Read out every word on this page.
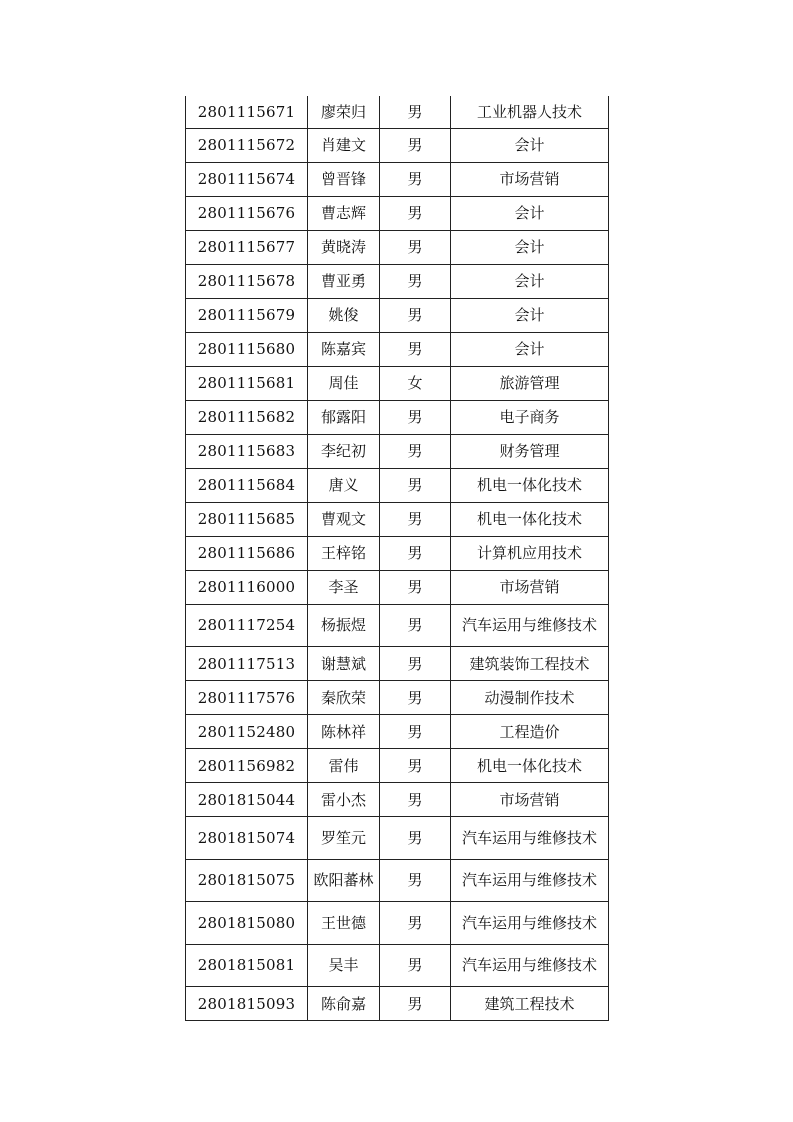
2801115671	廖荣归	男	工业机器人技术
2801115672	肖建文	男	会计
2801115674	曾晋锋	男	市场营销
2801115676	曹志辉	男	会计
2801115677	黄晓涛	男	会计
2801115678	曹亚勇	男	会计
2801115679	姚俊	男	会计
2801115680	陈嘉宾	男	会计
2801115681	周佳	女	旅游管理
2801115682	郁露阳	男	电子商务
2801115683	李纪初	男	财务管理
2801115684	唐义	男	机电一体化技术
2801115685	曹观文	男	机电一体化技术
2801115686	王梓铭	男	计算机应用技术
2801116000	李圣	男	市场营销
2801117254	杨振煜	男	汽车运用与维修技术
2801117513	谢慧斌	男	建筑装饰工程技术
2801117576	秦欣荣	男	动漫制作技术
2801152480	陈林祥	男	工程造价
2801156982	雷伟	男	机电一体化技术
2801815044	雷小杰	男	市场营销
2801815074	罗笙元	男	汽车运用与维修技术
2801815075	欧阳蕃林	男	汽车运用与维修技术
2801815080	王世德	男	汽车运用与维修技术
2801815081	吴丰	男	汽车运用与维修技术
2801815093	陈俞嘉	男	建筑工程技术
